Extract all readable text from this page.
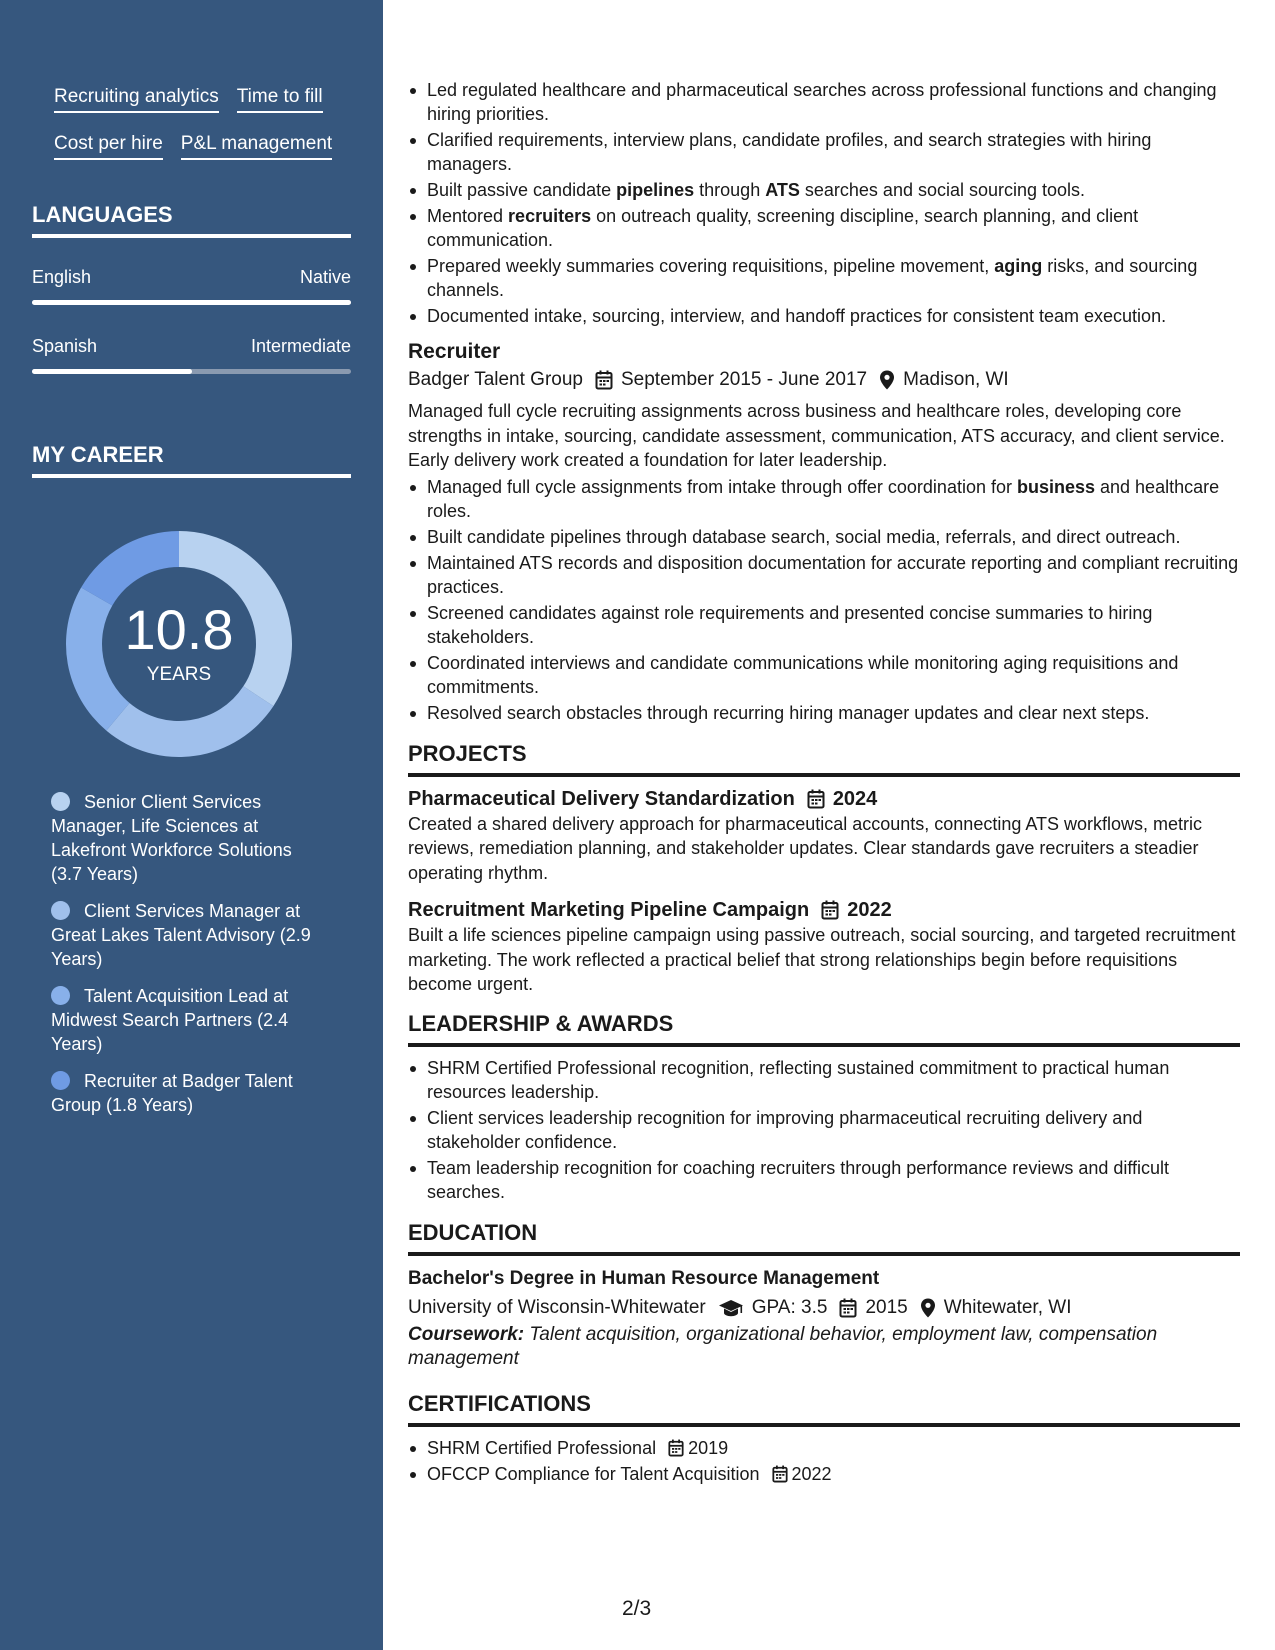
Recruiting analytics Time to fill
Cost per hire P&L management
LANGUAGES
English	Native
Spanish	Intermediate
MY CAREER
10.8
YEARS
Senior Client Services Manager, Life Sciences at Lakefront Workforce Solutions (3.7 Years)
Client Services Manager at Great Lakes Talent Advisory (2.9 Years)
Talent Acquisition Lead at Midwest Search Partners (2.4 Years)
Recruiter at Badger Talent Group (1.8 Years)
Led regulated healthcare and pharmaceutical searches across professional functions and changing hiring priorities.
Clarified requirements, interview plans, candidate profiles, and search strategies with hiring managers.
Built passive candidate pipelines through ATS searches and social sourcing tools.
Mentored recruiters on outreach quality, screening discipline, search planning, and client communication.
Prepared weekly summaries covering requisitions, pipeline movement, aging risks, and sourcing channels.
Documented intake, sourcing, interview, and handoff practices for consistent team execution.
Recruiter
Badger Talent Group September 2015 - June 2017 Madison, WI
Managed full cycle recruiting assignments across business and healthcare roles, developing core strengths in intake, sourcing, candidate assessment, communication, ATS accuracy, and client service. Early delivery work created a foundation for later leadership.
Managed full cycle assignments from intake through offer coordination for business and healthcare roles.
Built candidate pipelines through database search, social media, referrals, and direct outreach.
Maintained ATS records and disposition documentation for accurate reporting and compliant recruiting practices.
Screened candidates against role requirements and presented concise summaries to hiring stakeholders.
Coordinated interviews and candidate communications while monitoring aging requisitions and commitments.
Resolved search obstacles through recurring hiring manager updates and clear next steps.
PROJECTS
Pharmaceutical Delivery Standardization 2024
Created a shared delivery approach for pharmaceutical accounts, connecting ATS workflows, metric reviews, remediation planning, and stakeholder updates. Clear standards gave recruiters a steadier operating rhythm.
Recruitment Marketing Pipeline Campaign 2022
Built a life sciences pipeline campaign using passive outreach, social sourcing, and targeted recruitment marketing. The work reflected a practical belief that strong relationships begin before requisitions become urgent.
LEADERSHIP & AWARDS
SHRM Certified Professional recognition, reflecting sustained commitment to practical human resources leadership.
Client services leadership recognition for improving pharmaceutical recruiting delivery and stakeholder confidence.
Team leadership recognition for coaching recruiters through performance reviews and difficult searches.
EDUCATION
Bachelor's Degree in Human Resource Management
University of Wisconsin-Whitewater GPA: 3.5 2015 Whitewater, WI
Coursework: Talent acquisition, organizational behavior, employment law, compensation management
CERTIFICATIONS
SHRM Certified Professional 2019
OFCCP Compliance for Talent Acquisition 2022
2/3
